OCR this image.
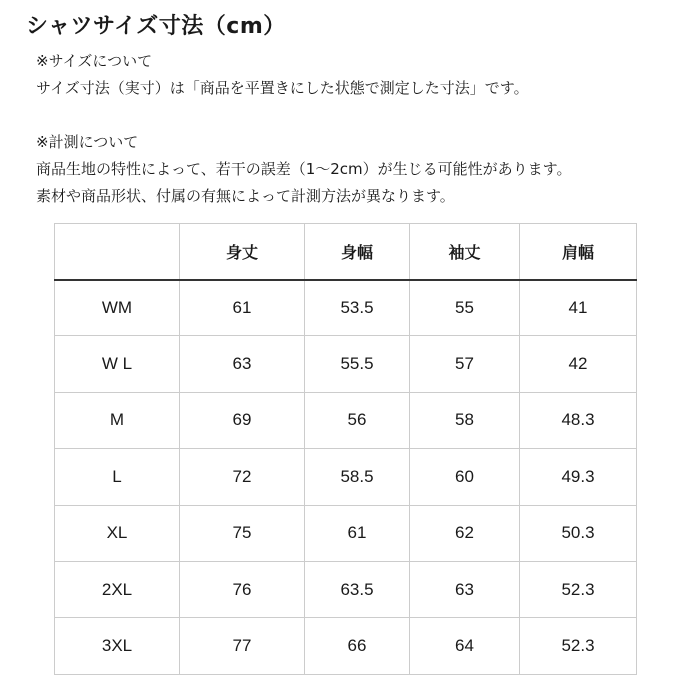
シャツサイズ寸法（cm）

※サイズについて

サイズ寸法（実寸）は「商品を平置きにした状態で測定した寸法」です。

※計測について

商品生地の特性によって、若干の誤差（1〜2cm）が生じる可能性があります。

素材や商品形状、付属の有無によって計測方法が異なります。

	身丈	身幅	袖丈	肩幅
WM	61	53.5	55	41
W L	63	55.5	57	42
M	69	56	58	48.3
L	72	58.5	60	49.3
XL	75	61	62	50.3
2XL	76	63.5	63	52.3
3XL	77	66	64	52.3
